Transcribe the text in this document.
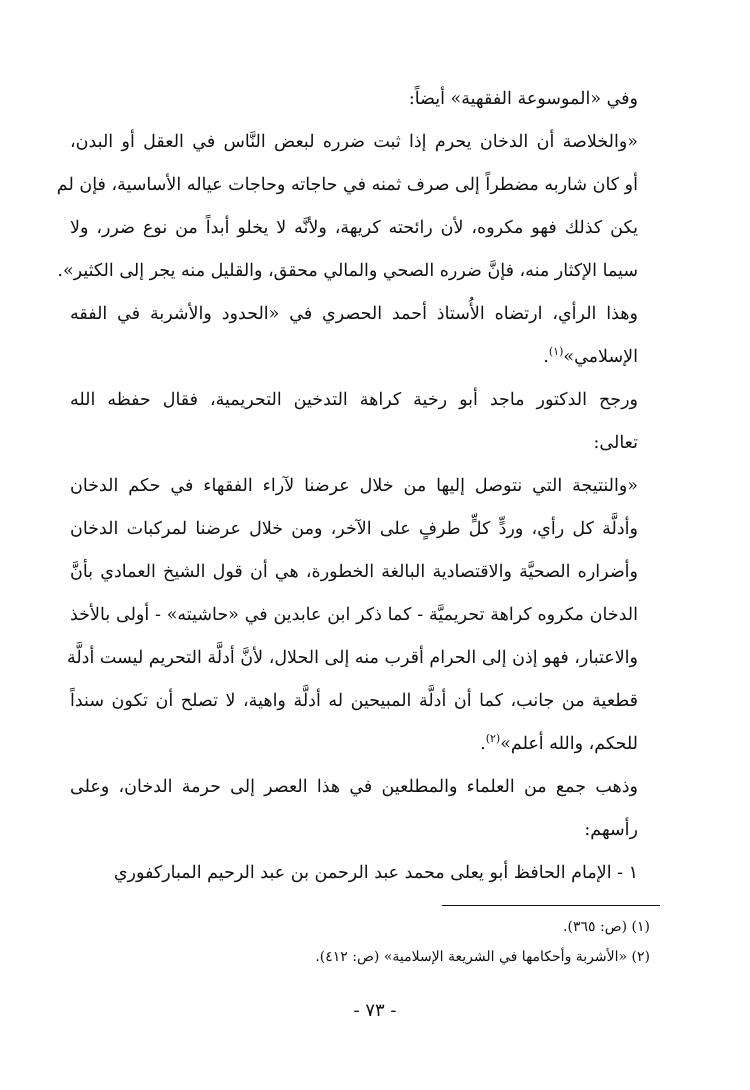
وفي «الموسوعة الفقهية» أيضاً:

«والخلاصة أن الدخان يحرم إذا ثبت ضرره لبعض النَّاس في العقل أو البدن،
أو كان شاربه مضطراً إلى صرف ثمنه في حاجاته وحاجات عياله الأساسية، فإن لم
يكن كذلك فهو مكروه، لأن رائحته كريهة، ولأنَّه لا يخلو أبداً من نوع ضرر، ولا
سيما الإكثار منه، فإنَّ ضرره الصحي والمالي محقق، والقليل منه يجر إلى الكثير».

وهذا الرأي، ارتضاه الأُستاذ أحمد الحصري في «الحدود والأشربة في الفقه
الإسلامي»$^{(١)}$.

ورجح الدكتور ماجد أبو رخية كراهة التدخين التحريمية، فقال حفظه الله
تعالى:

«والنتيجة التي نتوصل إليها من خلال عرضنا لآراء الفقهاء في حكم الدخان
وأدلَّة كل رأي، وردٍّ كلٍّ طرفٍ على الآخر، ومن خلال عرضنا لمركبات الدخان
وأضراره الصحيَّة والاقتصادية البالغة الخطورة، هي أن قول الشيخ العمادي بأنَّ
الدخان مكروه كراهة تحريميَّة - كما ذكر ابن عابدين في «حاشيته» - أولى بالأخذ
والاعتبار، فهو إذن إلى الحرام أقرب منه إلى الحلال، لأنَّ أدلَّة التحريم ليست أدلَّة
قطعية من جانب، كما أن أدلَّة المبيحين له أدلَّة واهية، لا تصلح أن تكون سنداً
للحكم، والله أعلم»$^{(٢)}$.

وذهب جمع من العلماء والمطلعين في هذا العصر إلى حرمة الدخان، وعلى
رأسهم:

١ - الإمام الحافظ أبو يعلى محمد عبد الرحمن بن عبد الرحيم المباركفوري

(١) (ص: ٣٦٥).
(٢) «الأشربة وأحكامها في الشريعة الإسلامية» (ص: ٤١٢).
- ٧٣ -
